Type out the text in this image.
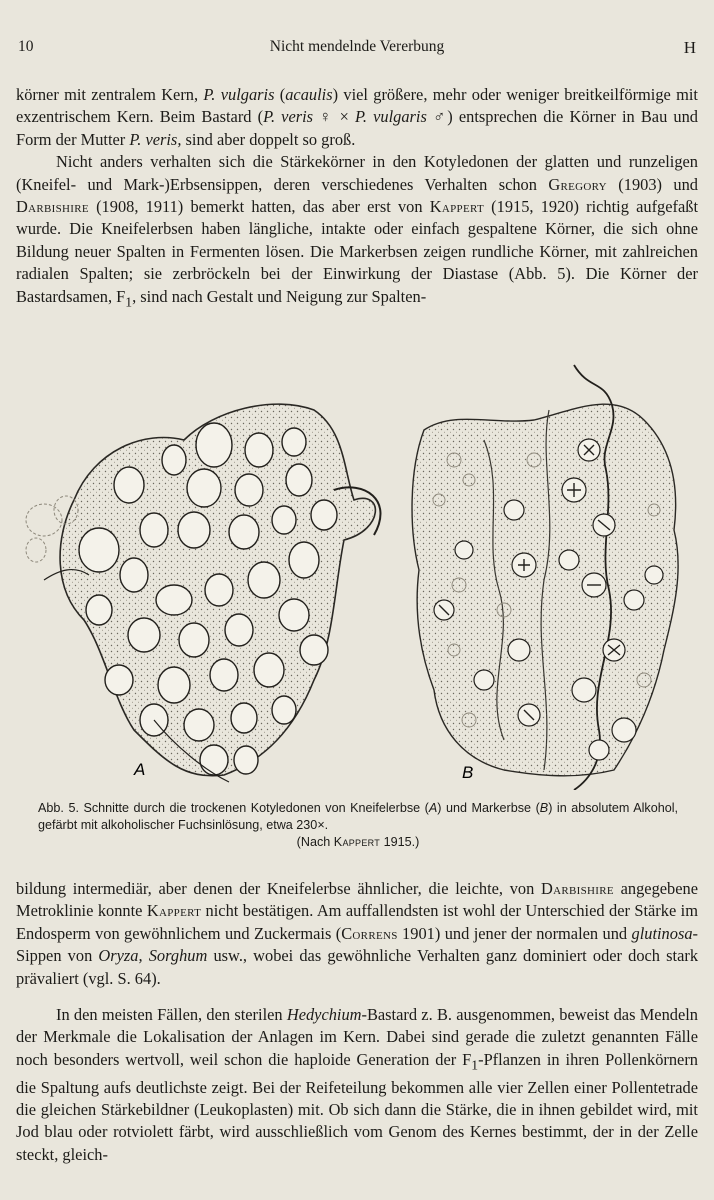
10	Nicht mendelnde Vererbung	H

körner mit zentralem Kern, P. vulgaris (acaulis) viel größere, mehr oder weniger breitkeilförmige mit exzentrischem Kern. Beim Bastard (P. veris ♀ × P. vulgaris ♂) entsprechen die Körner in Bau und Form der Mutter P. veris, sind aber doppelt so groß.

Nicht anders verhalten sich die Stärkekörner in den Kotyledonen der glatten und runzeligen (Kneifel- und Mark-)Erbsensippen, deren verschiedenes Verhalten schon Gregory (1903) und Darbishire (1908, 1911) bemerkt hatten, das aber erst von Kappert (1915, 1920) richtig aufgefaßt wurde. Die Kneifelerbsen haben längliche, intakte oder einfach gespaltene Körner, die sich ohne Bildung neuer Spalten in Fermenten lösen. Die Markerbsen zeigen rundliche Körner, mit zahlreichen radialen Spalten; sie zerbröckeln bei der Einwirkung der Diastase (Abb. 5). Die Körner der Bastardsamen, $F_1$, sind nach Gestalt und Neigung zur Spalten-

A	B
Abb. 5. Schnitte durch die trockenen Kotyledonen von Kneifelerbse (A) und Markerbse (B) in absolutem Alkohol, gefärbt mit alkoholischer Fuchsinlösung, etwa 230×.
(Nach Kappert 1915.)

bildung intermediär, aber denen der Kneifelerbse ähnlicher, die leichte, von Darbishire angegebene Metroklinie konnte Kappert nicht bestätigen. Am auffallendsten ist wohl der Unterschied der Stärke im Endosperm von gewöhnlichem und Zuckermais (Correns 1901) und jener der normalen und glutinosa-Sippen von Oryza, Sorghum usw., wobei das gewöhnliche Verhalten ganz dominiert oder doch stark prävaliert (vgl. S. 64).

In den meisten Fällen, den sterilen Hedychium-Bastard z. B. ausgenommen, beweist das Mendeln der Merkmale die Lokalisation der Anlagen im Kern. Dabei sind gerade die zuletzt genannten Fälle noch besonders wertvoll, weil schon die haploide Generation der $F_1$-Pflanzen in ihren Pollenkörnern die Spaltung aufs deutlichste zeigt. Bei der Reifeteilung bekommen alle vier Zellen einer Pollentetrade die gleichen Stärkebildner (Leukoplasten) mit. Ob sich dann die Stärke, die in ihnen gebildet wird, mit Jod blau oder rotviolett färbt, wird ausschließlich vom Genom des Kernes bestimmt, der in der Zelle steckt, gleich-
